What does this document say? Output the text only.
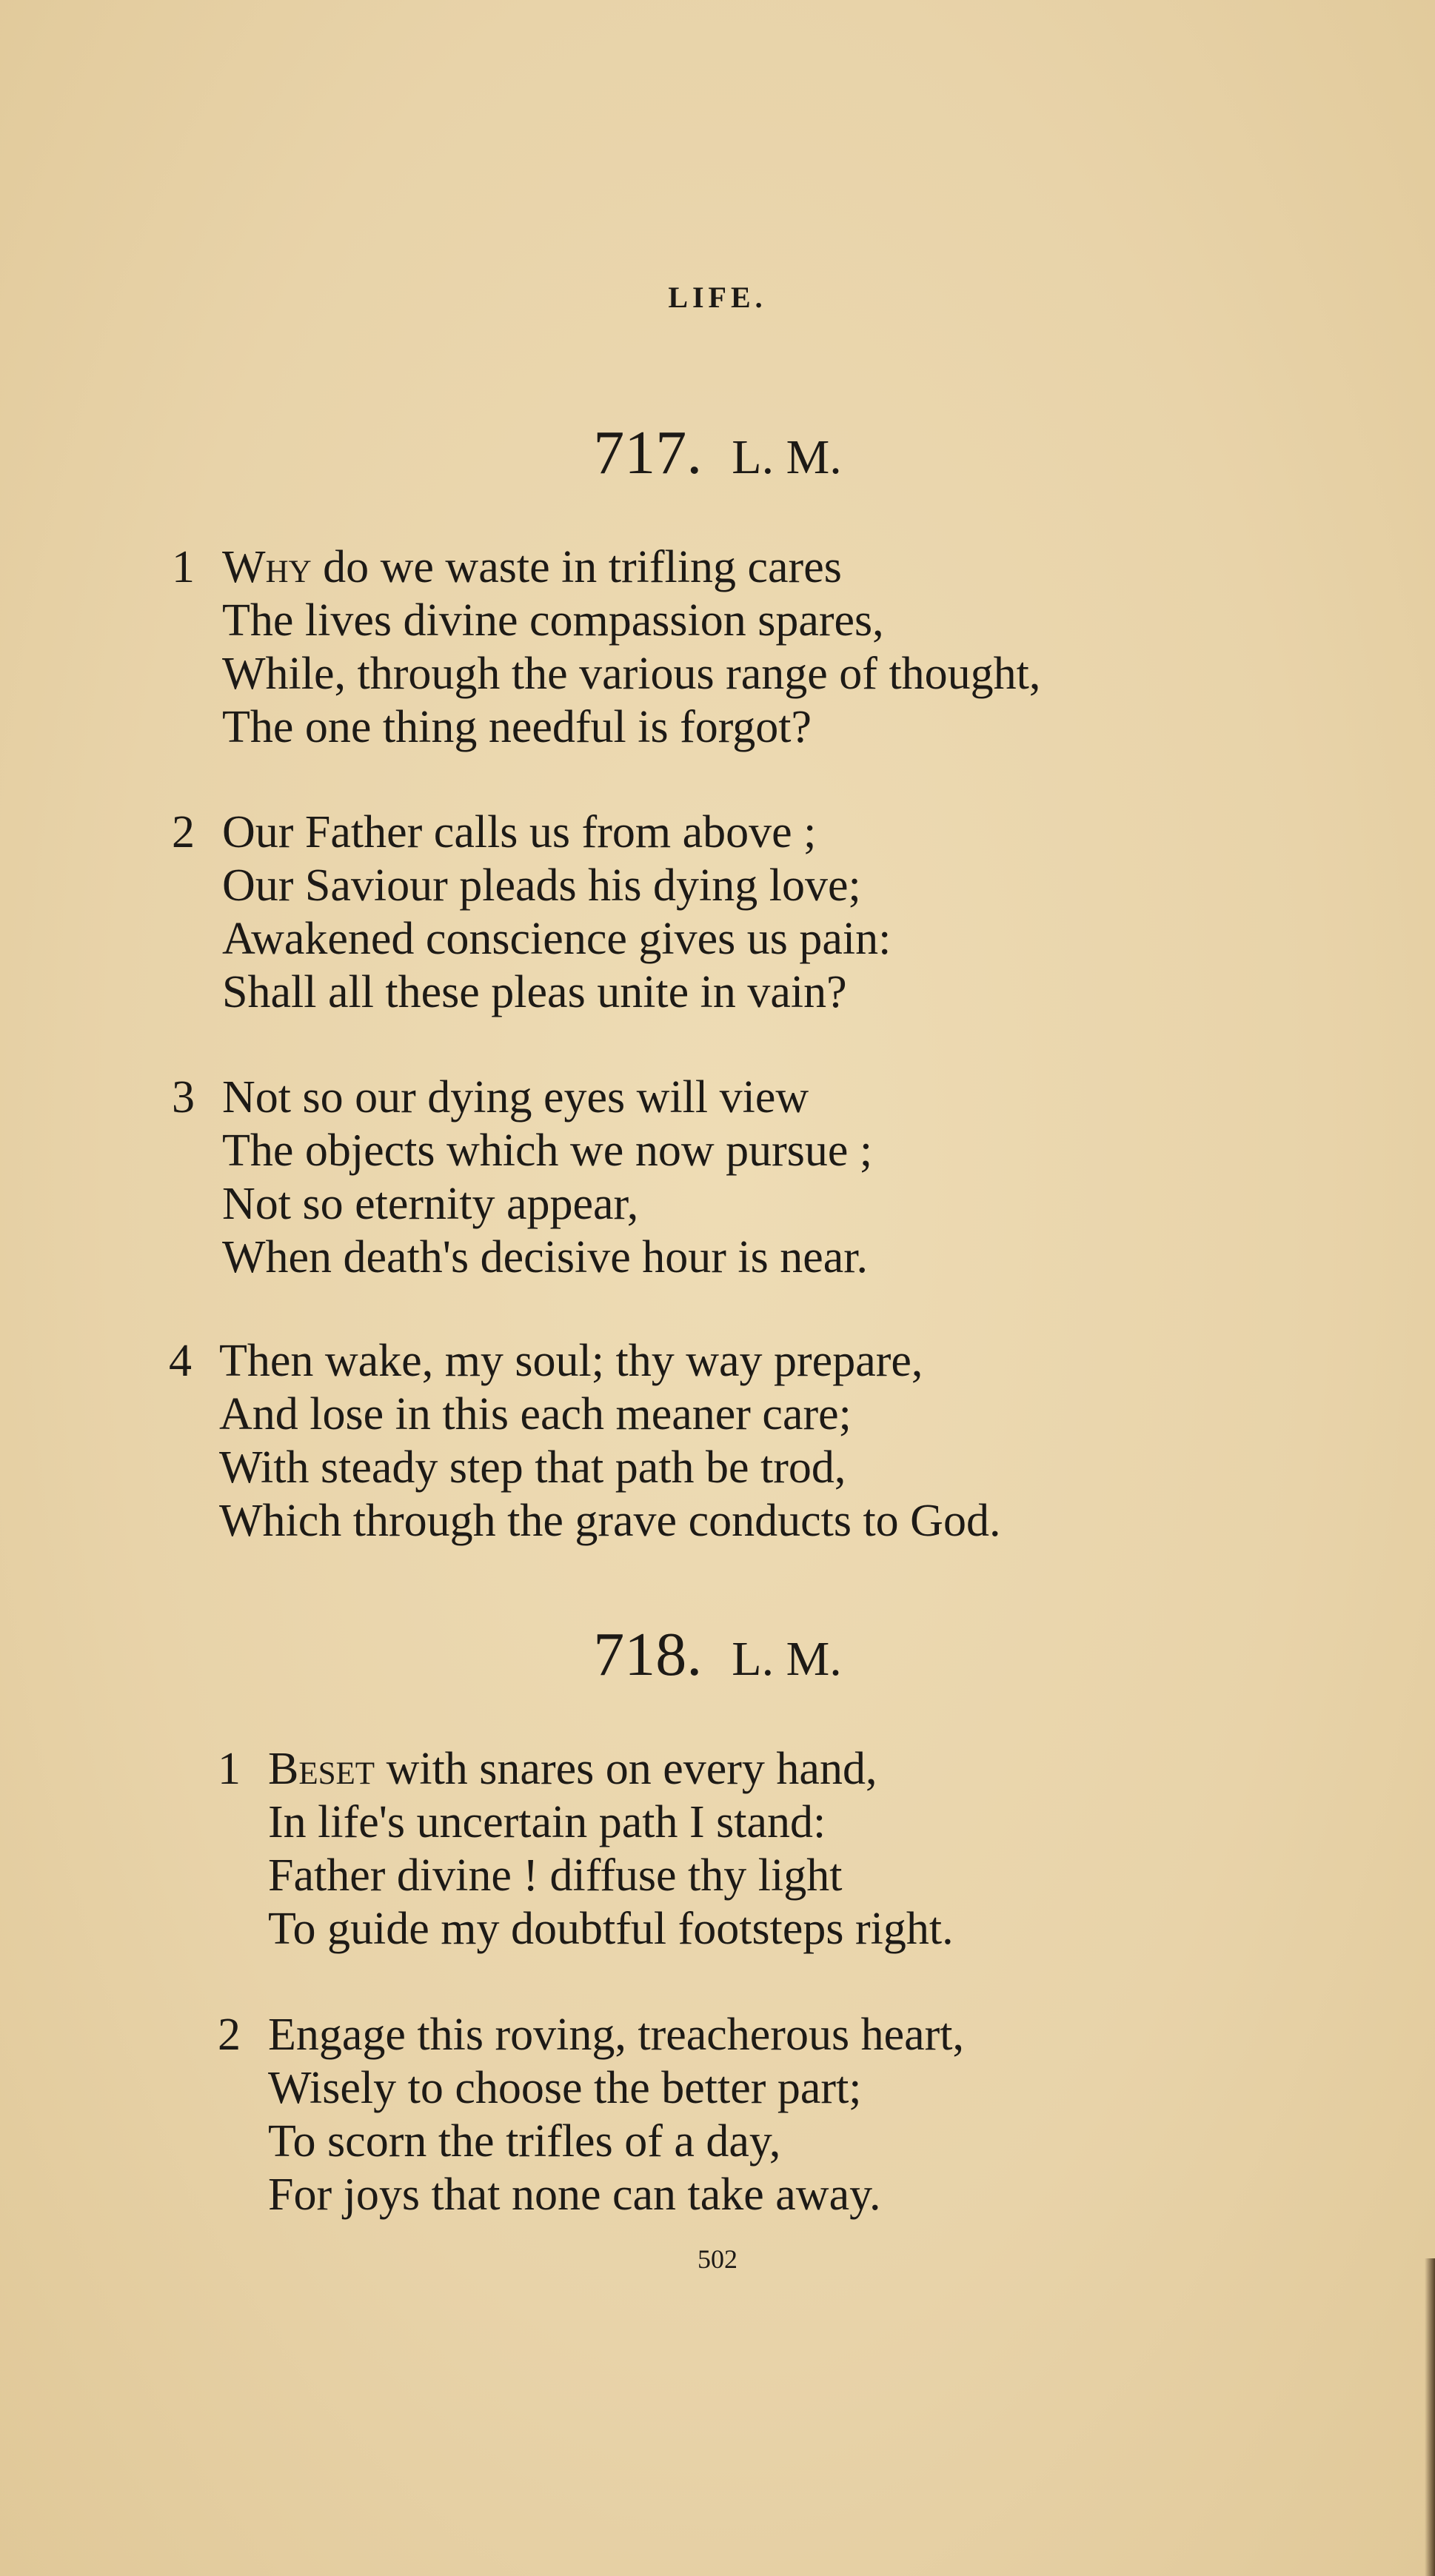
LIFE.
717. L. M.
1 Why do we waste in trifling cares
The lives divine compassion spares,
While, through the various range of thought,
The one thing needful is forgot?
2 Our Father calls us from above ;
Our Saviour pleads his dying love;
Awakened conscience gives us pain:
Shall all these pleas unite in vain?
3 Not so our dying eyes will view
The objects which we now pursue ;
Not so eternity appear,
When death's decisive hour is near.
4 Then wake, my soul; thy way prepare,
And lose in this each meaner care;
With steady step that path be trod,
Which through the grave conducts to God.
718. L. M.
1 Beset with snares on every hand,
In life's uncertain path I stand:
Father divine ! diffuse thy light
To guide my doubtful footsteps right.
2 Engage this roving, treacherous heart,
Wisely to choose the better part;
To scorn the trifles of a day,
For joys that none can take away.
502
